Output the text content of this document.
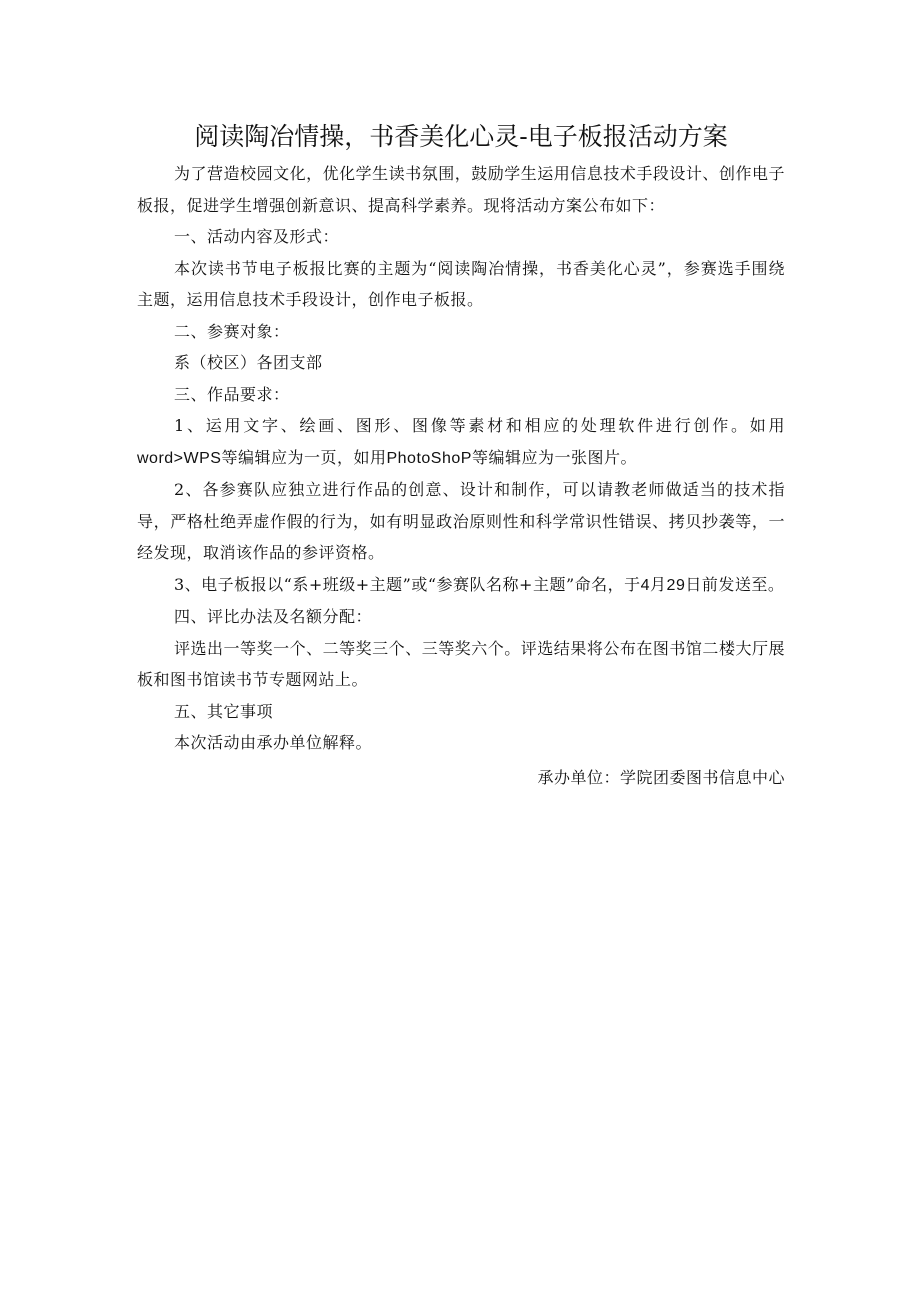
阅读陶冶情操，书香美化心灵-电子板报活动方案

为了营造校园文化，优化学生读书氛围，鼓励学生运用信息技术手段设计、创作电子板报，促进学生增强创新意识、提高科学素养。现将活动方案公布如下：

一、活动内容及形式：

本次读书节电子板报比赛的主题为“阅读陶冶情操，书香美化心灵”，参赛选手围绕主题，运用信息技术手段设计，创作电子板报。

二、参赛对象：

系（校区）各团支部

三、作品要求：

1、运用文字、绘画、图形、图像等素材和相应的处理软件进行创作。如用word>WPS等编辑应为一页，如用PhotoShoP等编辑应为一张图片。

2、各参赛队应独立进行作品的创意、设计和制作，可以请教老师做适当的技术指导，严格杜绝弄虚作假的行为，如有明显政治原则性和科学常识性错误、拷贝抄袭等，一经发现，取消该作品的参评资格。

3、电子板报以“系+班级+主题”或“参赛队名称+主题”命名，于4月29日前发送至。

四、评比办法及名额分配：

评选出一等奖一个、二等奖三个、三等奖六个。评选结果将公布在图书馆二楼大厅展板和图书馆读书节专题网站上。

五、其它事项

本次活动由承办单位解释。

承办单位：学院团委图书信息中心
